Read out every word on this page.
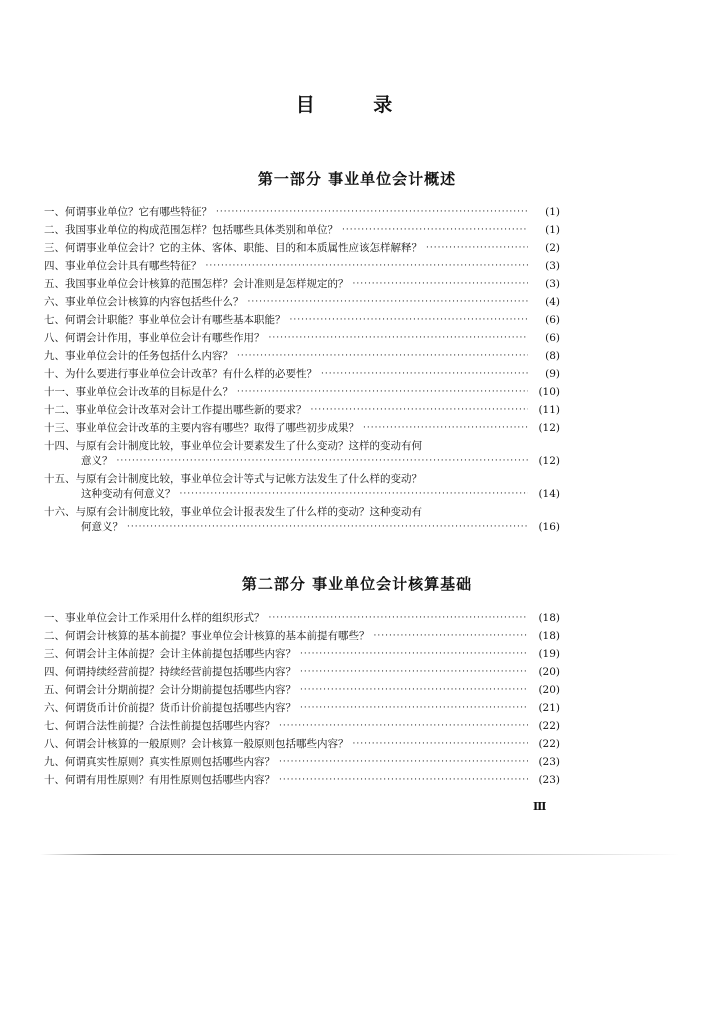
目 录
第一部分 事业单位会计概述
一、 何谓事业单位？它有哪些特征？ ·····	(1)
二、 我国事业单位的构成范围怎样？包括哪些具体类别和单位？ ·····	(1)
三、 何谓事业单位会计？它的主体、客体、职能、目的和本质属性应该怎样解释？ ·····	(2)
四、 事业单位会计具有哪些特征？ ·····	(3)
五、 我国事业单位会计核算的范围怎样？会计准则是怎样规定的？ ·····	(3)
六、 事业单位会计核算的内容包括些什么？ ·····	(4)
七、 何谓会计职能？事业单位会计有哪些基本职能？ ·····	(6)
八、 何谓会计作用，事业单位会计有哪些作用？ ·····	(6)
九、 事业单位会计的任务包括什么内容？ ·····	(8)
十、 为什么要进行事业单位会计改革？有什么样的必要性？ ·····	(9)
十一、 事业单位会计改革的目标是什么？ ·····	(10)
十二、 事业单位会计改革对会计工作提出哪些新的要求？ ·····	(11)
十三、 事业单位会计改革的主要内容有哪些？取得了哪些初步成果？ ·····	(12)
十四、 与原有会计制度比较，事业单位会计要素发生了什么变动？这样的变动有何
意义？ ·····	(12)
十五、 与原有会计制度比较，事业单位会计等式与记帐方法发生了什么样的变动？
这种变动有何意义？ ·····	(14)
十六、 与原有会计制度比较，事业单位会计报表发生了什么样的变动？这种变动有
何意义？ ·····	(16)
第二部分 事业单位会计核算基础
一、 事业单位会计工作采用什么样的组织形式？ ·····	(18)
二、 何谓会计核算的基本前提？事业单位会计核算的基本前提有哪些？ ·····	(18)
三、 何谓会计主体前提？会计主体前提包括哪些内容？ ·····	(19)
四、 何谓持续经营前提？持续经营前提包括哪些内容？ ·····	(20)
五、 何谓会计分期前提？会计分期前提包括哪些内容？ ·····	(20)
六、 何谓货币计价前提？货币计价前提包括哪些内容？ ·····	(21)
七、 何谓合法性前提？合法性前提包括哪些内容？ ·····	(22)
八、 何谓会计核算的一般原则？会计核算一般原则包括哪些内容？ ·····	(22)
九、 何谓真实性原则？真实性原则包括哪些内容？ ·····	(23)
十、 何谓有用性原则？有用性原则包括哪些内容？ ·····	(23)
Ⅲ
